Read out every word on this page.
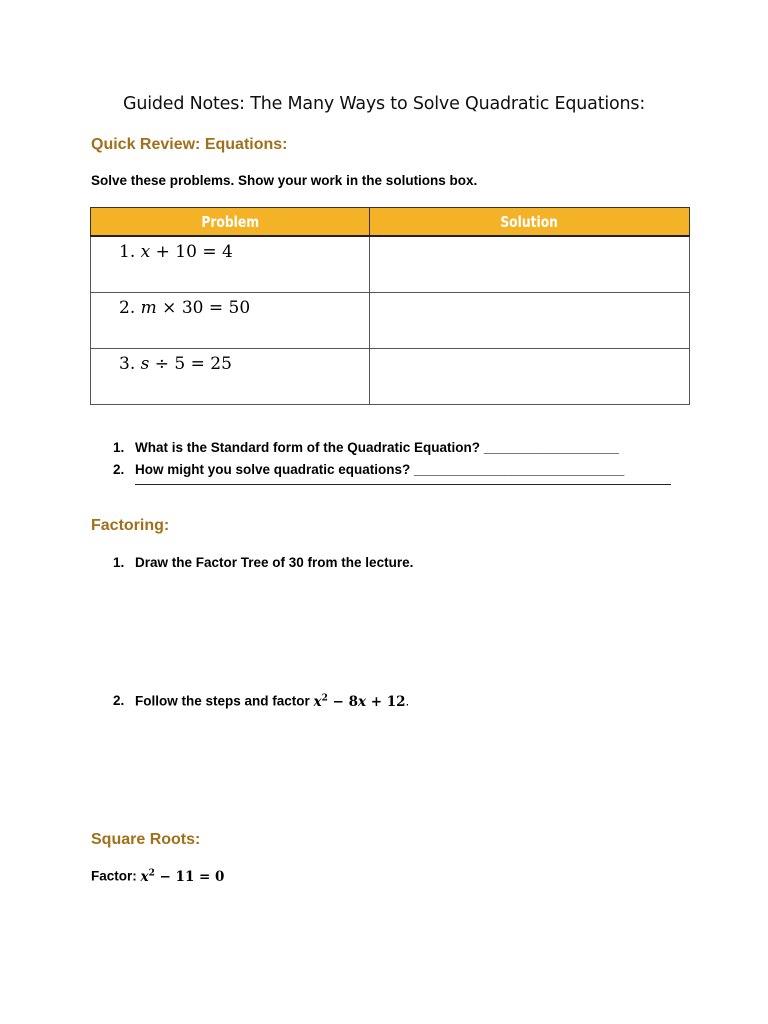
Guided Notes: The Many Ways to Solve Quadratic Equations:
Quick Review: Equations:
Solve these problems. Show your work in the solutions box.
Problem	Solution

1. x + 10 = 4	

2. m × 30 = 50	

3. s ÷ 5 = 25	

1. What is the Standard form of the Quadratic Equation? __________________
2. How might you solve quadratic equations? ____________________________
Factoring:
1. Draw the Factor Tree of 30 from the lecture.
2. Follow the steps and factor $x^2 - 8x + 12$.
Square Roots:
Factor: $x^2 - 11 = 0$
